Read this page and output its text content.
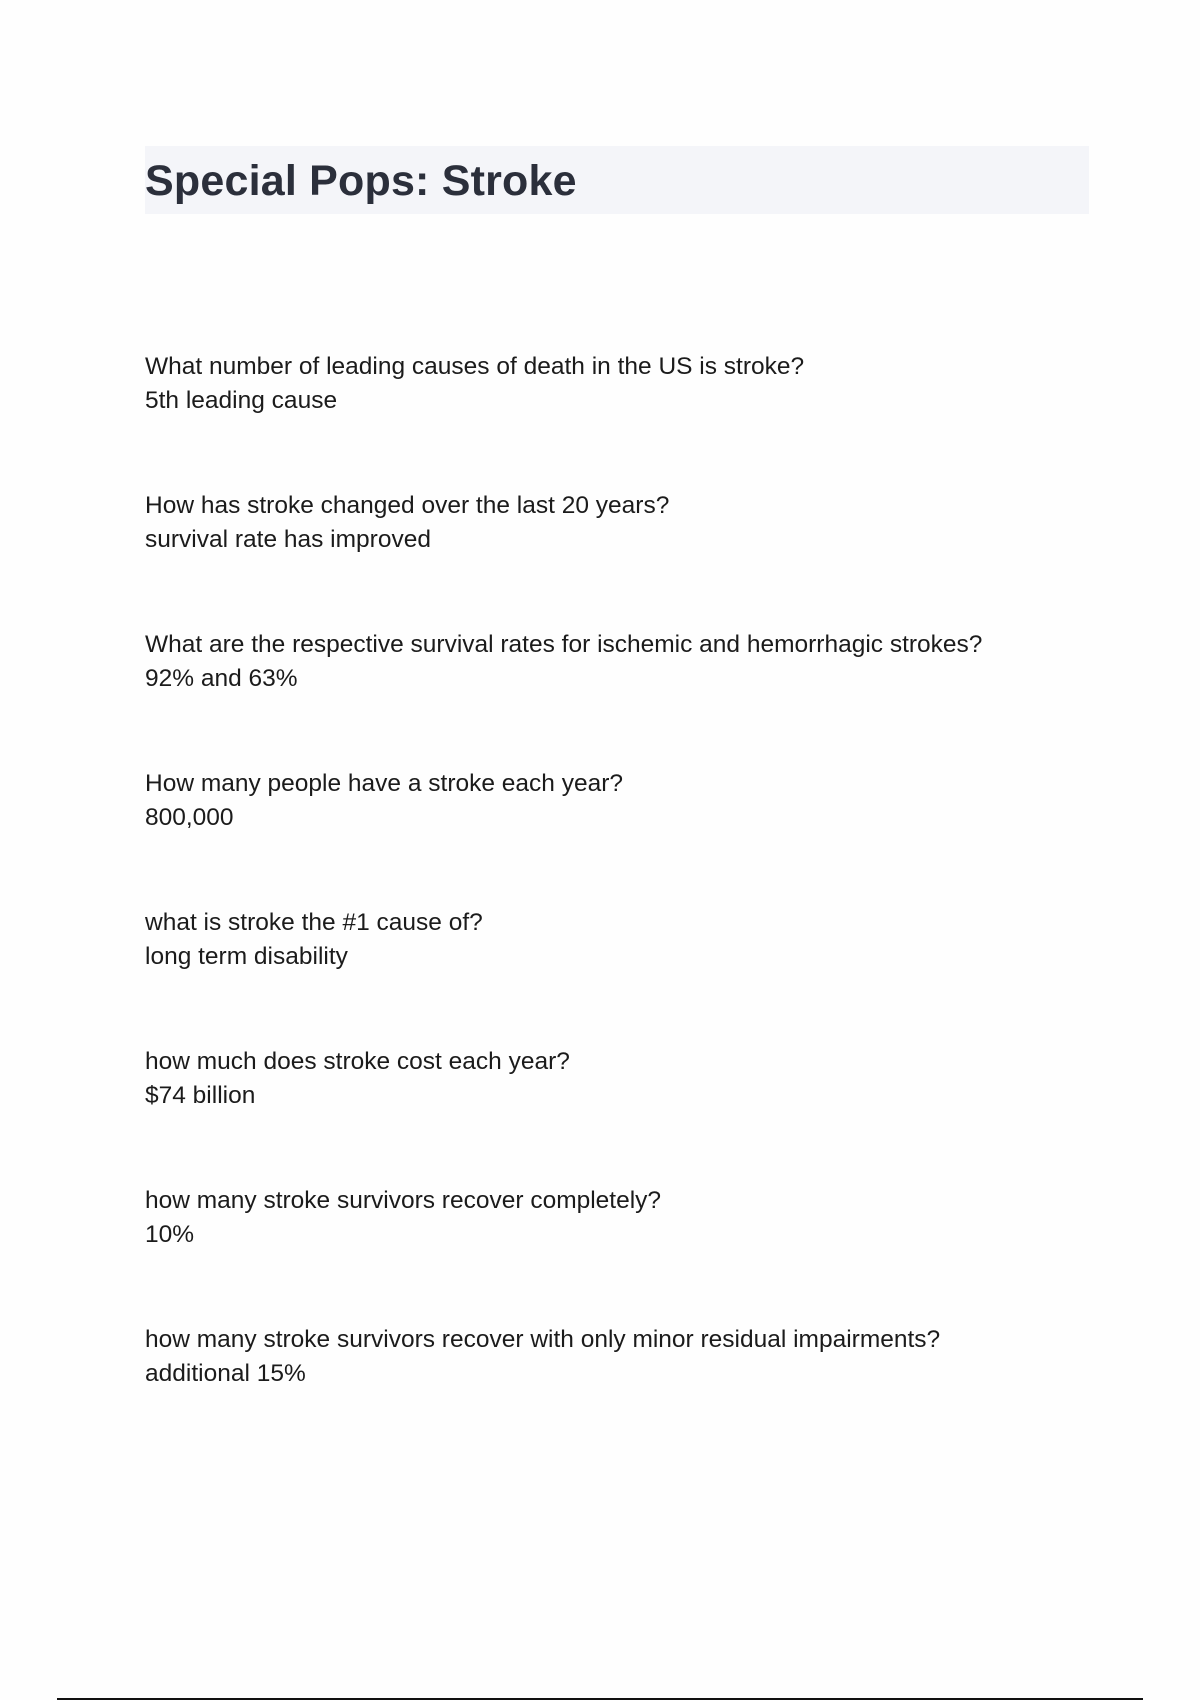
Special Pops: Stroke
What number of leading causes of death in the US is stroke?
5th leading cause
How has stroke changed over the last 20 years?
survival rate has improved
What are the respective survival rates for ischemic and hemorrhagic strokes?
92% and 63%
How many people have a stroke each year?
800,000
what is stroke the #1 cause of?
long term disability
how much does stroke cost each year?
$74 billion
how many stroke survivors recover completely?
10%
how many stroke survivors recover with only minor residual impairments?
additional 15%
